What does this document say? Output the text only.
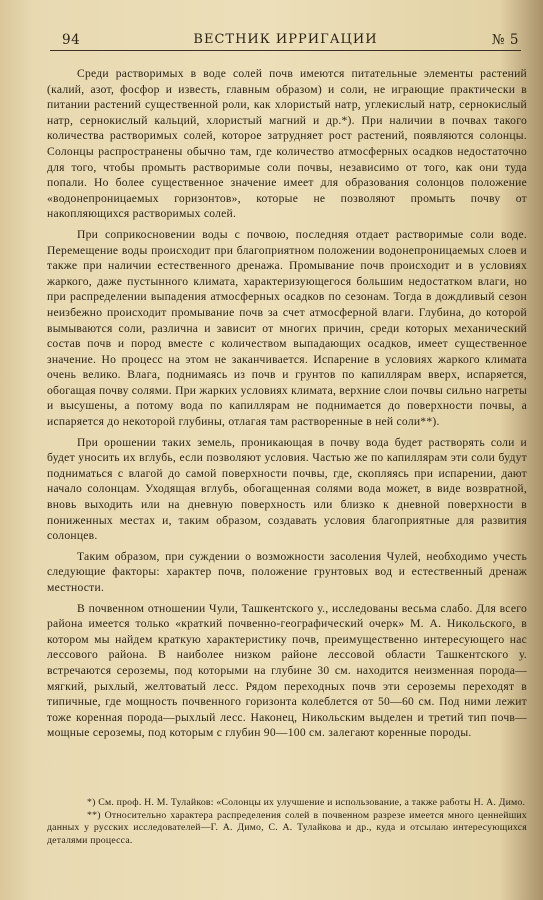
94	ВЕСТНИК ИРРИГАЦИИ	№ 5

Среди растворимых в воде солей почв имеются питательные элементы растений (калий, азот, фосфор и известь, главным образом) и соли, не играющие практически в питании растений существенной роли, как хлористый натр, углекислый натр, сернокислый натр, сернокислый кальций, хлористый магний и др.*). При наличии в почвах такого количества растворимых солей, которое затрудняет рост растений, появляются солонцы. Солонцы распространены обычно там, где количество атмосферных осадков недостаточно для того, чтобы промыть растворимые соли почвы, независимо от того, как они туда попали. Но более существенное значение имеет для образования солонцов положение «водонепроницаемых горизонтов», которые не позволяют промыть почву от накопляющихся растворимых солей.

При соприкосновении воды с почвою, последняя отдает растворимые соли воде. Перемещение воды происходит при благоприятном положении водонепроницаемых слоев и также при наличии естественного дренажа. Промывание почв происходит и в условиях жаркого, даже пустынного климата, характеризующегося большим недостатком влаги, но при распределении выпадения атмосферных осадков по сезонам. Тогда в дождливый сезон неизбежно происходит промывание почв за счет атмосферной влаги. Глубина, до которой вымываются соли, различна и зависит от многих причин, среди которых механический состав почв и пород вместе с количеством выпадающих осадков, имеет существенное значение. Но процесс на этом не заканчивается. Испарение в условиях жаркого климата очень велико. Влага, поднимаясь из почв и грунтов по капиллярам вверх, испаряется, обогащая почву солями. При жарких условиях климата, верхние слои почвы сильно нагреты и высушены, а потому вода по капиллярам не поднимается до поверхности почвы, а испаряется до некоторой глубины, отлагая там растворенные в ней соли**).

При орошении таких земель, проникающая в почву вода будет растворять соли и будет уносить их вглубь, если позволяют условия. Частью же по капиллярам эти соли будут подниматься с влагой до самой поверхности почвы, где, скопляясь при испарении, дают начало солонцам. Уходящая вглубь, обогащенная солями вода может, в виде возвратной, вновь выходить или на дневную поверхность или близко к дневной поверхности в пониженных местах и, таким образом, создавать условия благоприятные для развития солонцев.

Таким образом, при суждении о возможности засоления Чулей, необходимо учесть следующие факторы: характер почв, положение грунтовых вод и естественный дренаж местности.

В почвенном отношении Чули, Ташкентского у., исследованы весьма слабо. Для всего района имеется только «краткий почвенно-географический очерк» М. А. Никольского, в котором мы найдем краткую характеристику почв, преимущественно интересующего нас лессового района. В наиболее низком районе лессовой области Ташкентского у. встречаются сероземы, под которыми на глубине 30 см. находится неизменная порода—мягкий, рыхлый, желтоватый лесс. Рядом переходных почв эти сероземы переходят в типичные, где мощность почвенного горизонта колеблется от 50—60 см. Под ними лежит тоже коренная порода—рыхлый лесс. Наконец, Никольским выделен и третий тип почв—мощные сероземы, под которым с глубин 90—100 см. залегают коренные породы.

*) См. проф. Н. М. Тулайков: «Солонцы их улучшение и использование, а также работы Н. А. Димо.

**) Относительно характера распределения солей в почвенном разрезе имеется много ценнейших данных у русских исследователей—Г. А. Димо, С. А. Тулайкова и др., куда и отсылаю интересующихся деталями процесса.
